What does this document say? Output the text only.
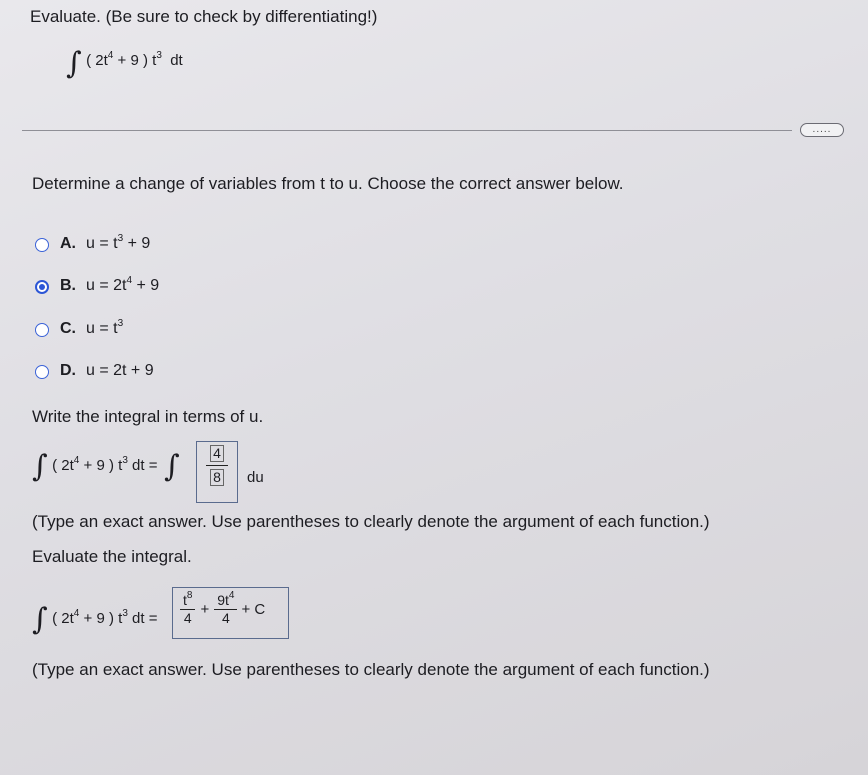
Evaluate. (Be sure to check by differentiating!)
∫ ( $2t^4 + 9$ ) $t^3$ dt
.....
Determine a change of variables from t to u. Choose the correct answer below.
A. $u = t^3 + 9$
B. $u = 2t^4 + 9$
C. $u = t^3$
D. u = 2t + 9
Write the integral in terms of u.
∫ ( $2t^4 + 9$ ) $t^3$ dt = ∫ 4
8 du
(Type an exact answer. Use parentheses to clearly denote the argument of each function.)
Evaluate the integral.
∫ ( $2t^4 + 9$ ) $t^3$ dt = $\frac{t^8}{4} + \frac{9t^4}{4} + C$
(Type an exact answer. Use parentheses to clearly denote the argument of each function.)
